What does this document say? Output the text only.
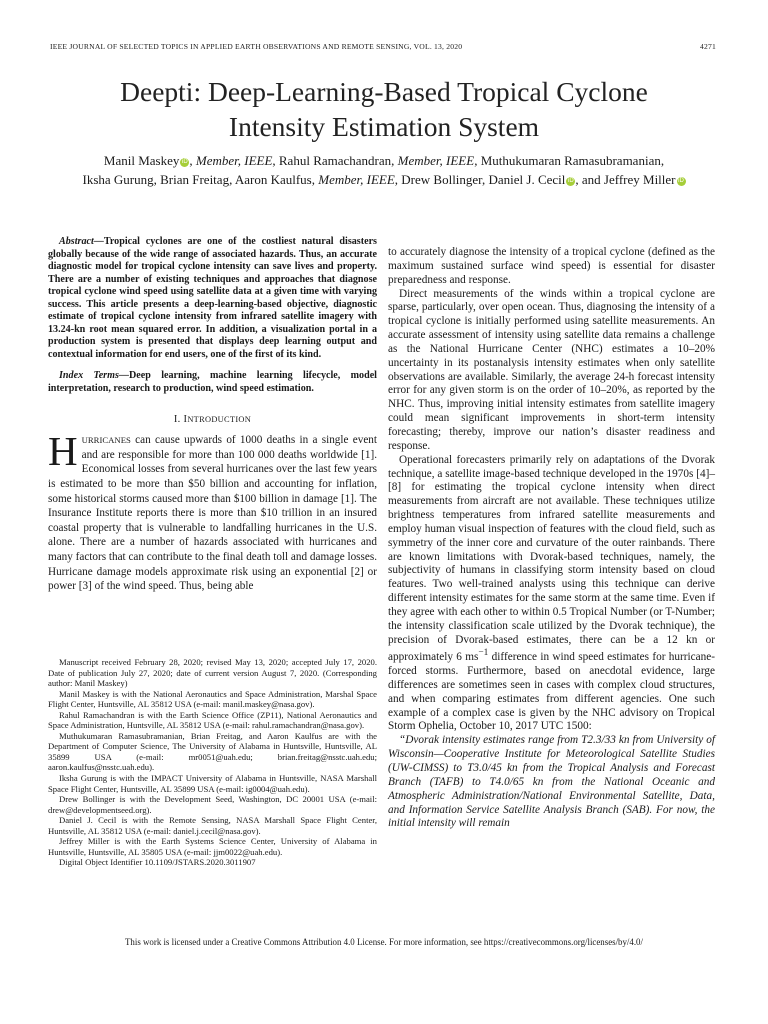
IEEE JOURNAL OF SELECTED TOPICS IN APPLIED EARTH OBSERVATIONS AND REMOTE SENSING, VOL. 13, 2020	4271
Deepti: Deep-Learning-Based Tropical Cyclone
Intensity Estimation System
Manil Maskey iD , Member, IEEE, Rahul Ramachandran, Member, IEEE, Muthukumaran Ramasubramanian,
Iksha Gurung, Brian Freitag, Aaron Kaulfus, Member, IEEE, Drew Bollinger, Daniel J. Cecil iD , and Jeffrey Miller iD

Abstract—Tropical cyclones are one of the costliest natural disasters globally because of the wide range of associated hazards. Thus, an accurate diagnostic model for tropical cyclone intensity can save lives and property. There are a number of existing techniques and approaches that diagnose tropical cyclone wind speed using satellite data at a given time with varying success. This article presents a deep-learning-based objective, diagnostic estimate of tropical cyclone intensity from infrared satellite imagery with 13.24-kn root mean squared error. In addition, a visualization portal in a production system is presented that displays deep learning output and contextual information for end users, one of the first of its kind.

Index Terms—Deep learning, machine learning lifecycle, model interpretation, research to production, wind speed estimation.

I. INTRODUCTION

HURRICANES can cause upwards of 1000 deaths in a single event and are responsible for more than 100 000 deaths worldwide [1]. Economical losses from several hurricanes over the last few years is estimated to be more than $50 billion and accounting for inflation, some historical storms caused more than $100 billion in damage [1]. The Insurance Institute reports there is more than $10 trillion in an insured coastal property that is vulnerable to landfalling hurricanes in the U.S. alone. There are a number of hazards associated with hurricanes and many factors that can contribute to the final death toll and damage losses. Hurricane damage models approximate risk using an exponential [2] or power [3] of the wind speed. Thus, being able

Manuscript received February 28, 2020; revised May 13, 2020; accepted July 17, 2020. Date of publication July 27, 2020; date of current version August 7, 2020. (Corresponding author: Manil Maskey)

Manil Maskey is with the National Aeronautics and Space Administration, Marshal Space Flight Center, Huntsville, AL 35812 USA (e-mail: manil.maskey@nasa.gov).

Rahul Ramachandran is with the Earth Science Office (ZP11), National Aeronautics and Space Administration, Huntsville, AL 35812 USA (e-mail: rahul.ramachandran@nasa.gov).

Muthukumaran Ramasubramanian, Brian Freitag, and Aaron Kaulfus are with the Department of Computer Science, The University of Alabama in Huntsville, Huntsville, AL 35899 USA (e-mail: mr0051@uah.edu; brian.freitag@nsstc.uah.edu; aaron.kaulfus@nsstc.uah.edu).

Iksha Gurung is with the IMPACT University of Alabama in Huntsville, NASA Marshall Space Flight Center, Huntsville, AL 35899 USA (e-mail: ig0004@uah.edu).

Drew Bollinger is with the Development Seed, Washington, DC 20001 USA (e-mail: drew@developmentseed.org).

Daniel J. Cecil is with the Remote Sensing, NASA Marshall Space Flight Center, Huntsville, AL 35812 USA (e-mail: daniel.j.cecil@nasa.gov).

Jeffrey Miller is with the Earth Systems Science Center, University of Alabama in Huntsville, Huntsville, AL 35805 USA (e-mail: jjm0022@uah.edu).

Digital Object Identifier 10.1109/JSTARS.2020.3011907

to accurately diagnose the intensity of a tropical cyclone (defined as the maximum sustained surface wind speed) is essential for disaster preparedness and response.

Direct measurements of the winds within a tropical cyclone are sparse, particularly, over open ocean. Thus, diagnosing the intensity of a tropical cyclone is initially performed using satellite measurements. An accurate assessment of intensity using satellite data remains a challenge as the National Hurricane Center (NHC) estimates a 10–20% uncertainty in its postanalysis intensity estimates when only satellite observations are available. Similarly, the average 24-h forecast intensity error for any given storm is on the order of 10–20%, as reported by the NHC. Thus, improving initial intensity estimates from satellite imagery could mean significant improvements in short-term intensity forecasting; thereby, improve our nation’s disaster readiness and response.

Operational forecasters primarily rely on adaptations of the Dvorak technique, a satellite image-based technique developed in the 1970s [4]–[8] for estimating the tropical cyclone intensity when direct measurements from aircraft are not available. These techniques utilize brightness temperatures from infrared satellite measurements and employ human visual inspection of features with the cloud field, such as symmetry of the inner core and curvature of the outer rainbands. There are known limitations with Dvorak-based techniques, namely, the subjectivity of humans in classifying storm intensity based on cloud features. Two well-trained analysts using this technique can derive different intensity estimates for the same storm at the same time. Even if they agree with each other to within 0.5 Tropical Number (or T-Number; the intensity classification scale utilized by the Dvorak technique), the precision of Dvorak-based estimates, there can be a 12 kn or approximately 6 $ms^{-1}$ difference in wind speed estimates for hurricane-forced storms. Furthermore, based on anecdotal evidence, large differences are sometimes seen in cases with complex cloud structures, and when comparing estimates from different agencies. One such example of a complex case is given by the NHC advisory on Tropical Storm Ophelia, October 10, 2017 UTC 1500:

“Dvorak intensity estimates range from T2.3/33 kn from University of Wisconsin—Cooperative Institute for Meteorological Satellite Studies (UW-CIMSS) to T3.0/45 kn from the Tropical Analysis and Forecast Branch (TAFB) to T4.0/65 kn from the National Oceanic and Atmospheric Administration/National Environmental Satellite, Data, and Information Service Satellite Analysis Branch (SAB). For now, the initial intensity will remain

This work is licensed under a Creative Commons Attribution 4.0 License. For more information, see https://creativecommons.org/licenses/by/4.0/
